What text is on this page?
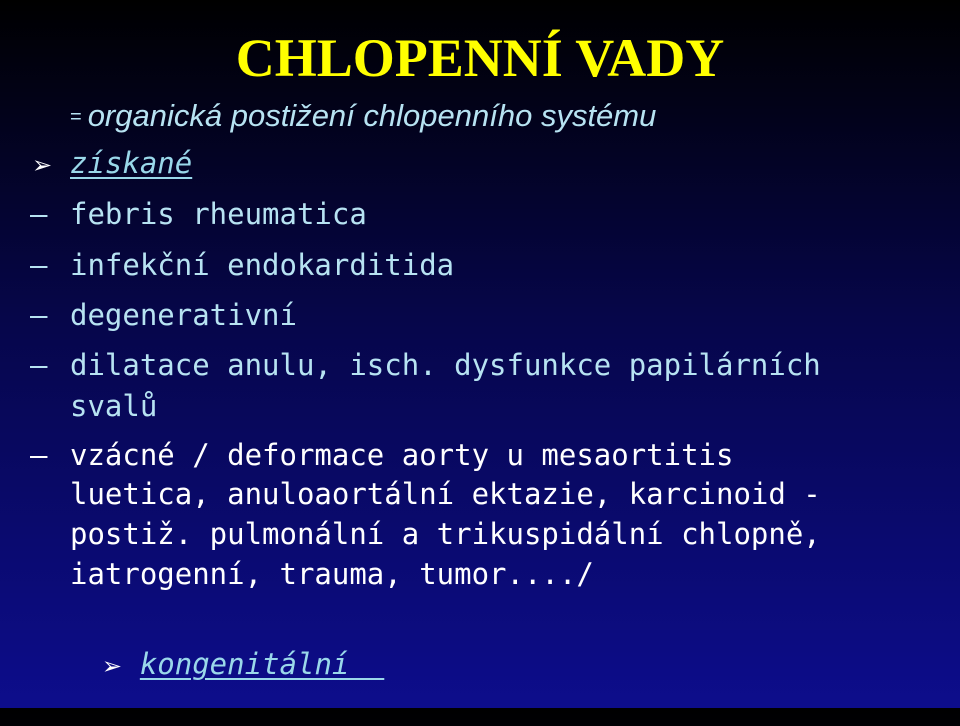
CHLOPENNÍ VADY
= organická postižení chlopenního systému
➢ získané
– febris rheumatica
– infekční endokarditida
– degenerativní
– dilatace anulu, isch. dysfunkce papilárních
svalů
– vzácné / deformace aorty u mesaortitis
luetica, anuloaortální ektazie, karcinoid -
postiž. pulmonální a trikuspidální chlopně,
iatrogenní, trauma, tumor..../

➢ kongenitální
